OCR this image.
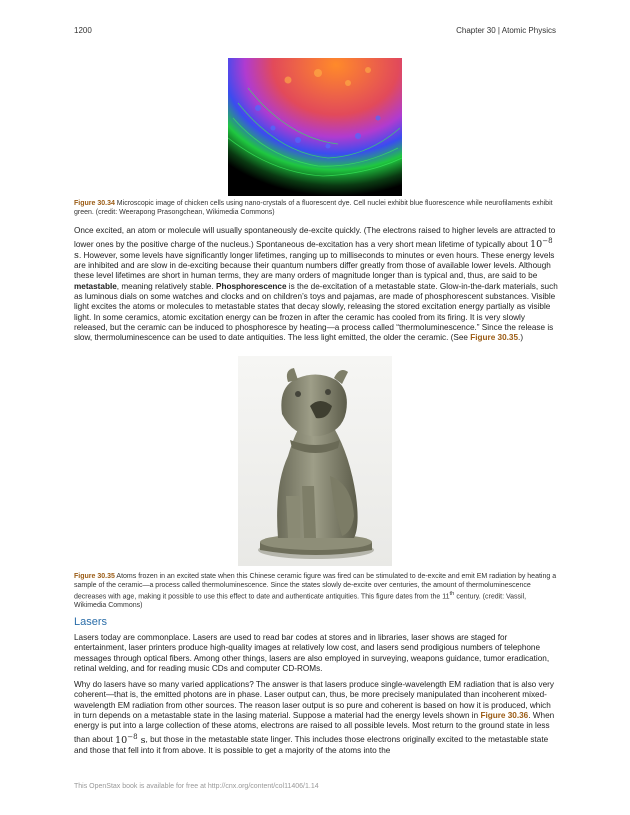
1200	Chapter 30 | Atomic Physics
Figure 30.34 Microscopic image of chicken cells using nano-crystals of a fluorescent dye. Cell nuclei exhibit blue fluorescence while neurofilaments exhibit green. (credit: Weerapong Prasongchean, Wikimedia Commons)

Once excited, an atom or molecule will usually spontaneously de-excite quickly. (The electrons raised to higher levels are attracted to lower ones by the positive charge of the nucleus.) Spontaneous de-excitation has a very short mean lifetime of typically about $10^{-8}$ s. However, some levels have significantly longer lifetimes, ranging up to milliseconds to minutes or even hours. These energy levels are inhibited and are slow in de-exciting because their quantum numbers differ greatly from those of available lower levels. Although these level lifetimes are short in human terms, they are many orders of magnitude longer than is typical and, thus, are said to be metastable, meaning relatively stable. Phosphorescence is the de-excitation of a metastable state. Glow-in-the-dark materials, such as luminous dials on some watches and clocks and on children’s toys and pajamas, are made of phosphorescent substances. Visible light excites the atoms or molecules to metastable states that decay slowly, releasing the stored excitation energy partially as visible light. In some ceramics, atomic excitation energy can be frozen in after the ceramic has cooled from its firing. It is very slowly released, but the ceramic can be induced to phosphoresce by heating—a process called “thermoluminescence.” Since the release is slow, thermoluminescence can be used to date antiquities. The less light emitted, the older the ceramic. (See Figure 30.35.)

Figure 30.35 Atoms frozen in an excited state when this Chinese ceramic figure was fired can be stimulated to de-excite and emit EM radiation by heating a sample of the ceramic—a process called thermoluminescence. Since the states slowly de-excite over centuries, the amount of thermoluminescence decreases with age, making it possible to use this effect to date and authenticate antiquities. This figure dates from the 11th century. (credit: Vassil, Wikimedia Commons)
Lasers

Lasers today are commonplace. Lasers are used to read bar codes at stores and in libraries, laser shows are staged for entertainment, laser printers produce high-quality images at relatively low cost, and lasers send prodigious numbers of telephone messages through optical fibers. Among other things, lasers are also employed in surveying, weapons guidance, tumor eradication, retinal welding, and for reading music CDs and computer CD-ROMs.

Why do lasers have so many varied applications? The answer is that lasers produce single-wavelength EM radiation that is also very coherent—that is, the emitted photons are in phase. Laser output can, thus, be more precisely manipulated than incoherent mixed-wavelength EM radiation from other sources. The reason laser output is so pure and coherent is based on how it is produced, which in turn depends on a metastable state in the lasing material. Suppose a material had the energy levels shown in Figure 30.36. When energy is put into a large collection of these atoms, electrons are raised to all possible levels. Most return to the ground state in less than about $10^{-8}$ s, but those in the metastable state linger. This includes those electrons originally excited to the metastable state and those that fell into it from above. It is possible to get a majority of the atoms into the

This OpenStax book is available for free at http://cnx.org/content/col11406/1.14
